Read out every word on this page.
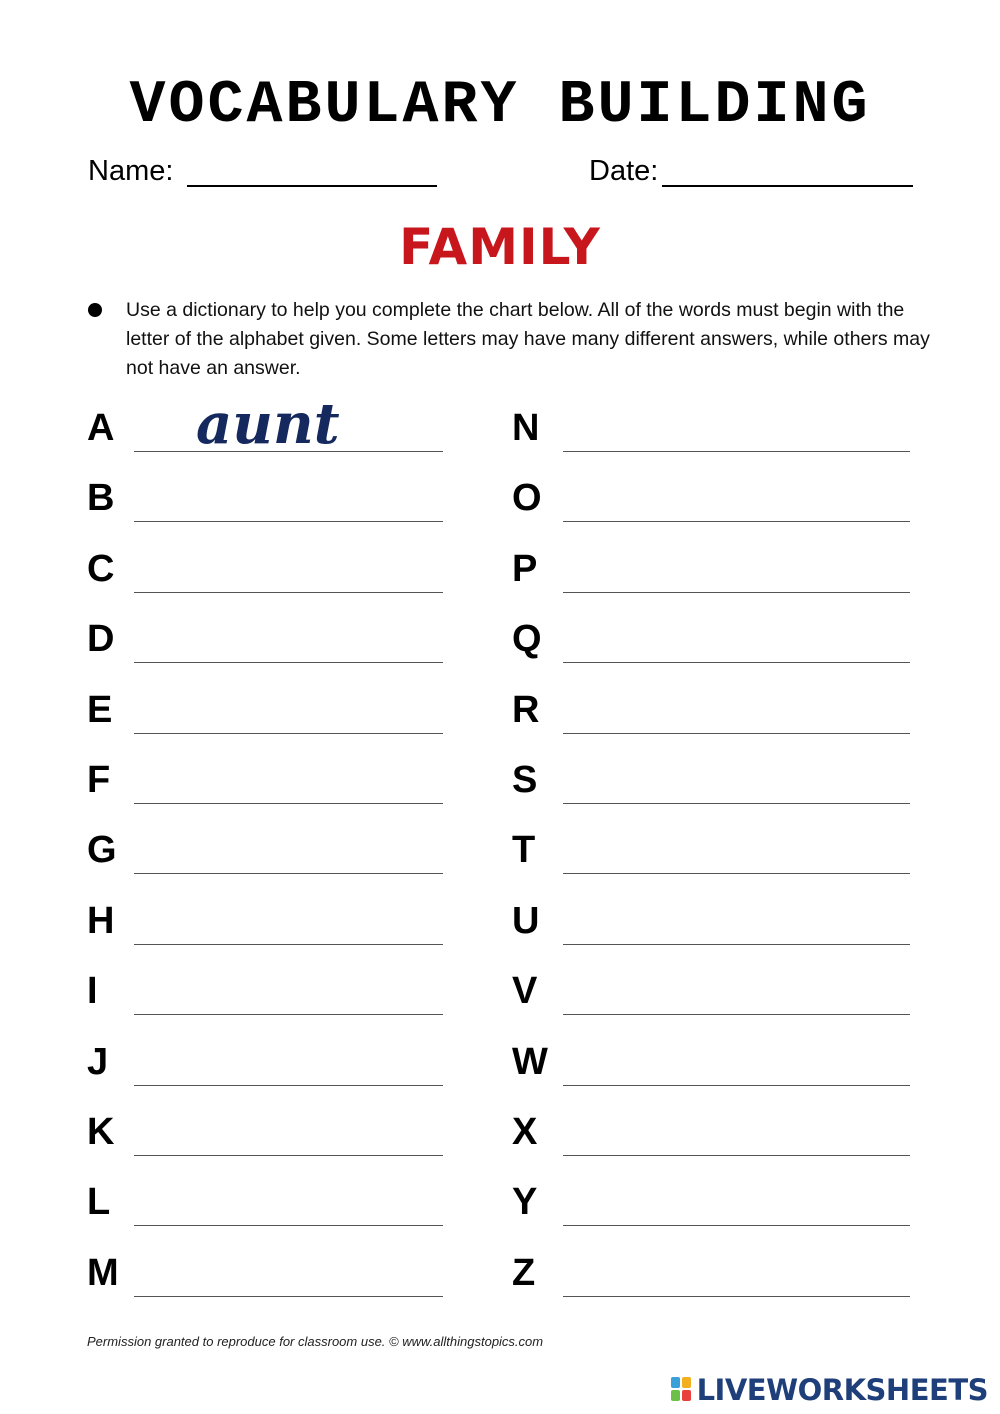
VOCABULARY BUILDING
Name:	Date:
FAMILY
Use a dictionary to help you complete the chart below. All of the words must begin with the letter of the alphabet given. Some letters may have many different answers, while others may not have an answer.
A aunt
B
C
D
E
F
G
H
I
J
K
L
M
N
O
P
Q
R
S
T
U
V
W
X
Y
Z
Permission granted to reproduce for classroom use. © www.allthingstopics.com
LIVEWORKSHEETS
